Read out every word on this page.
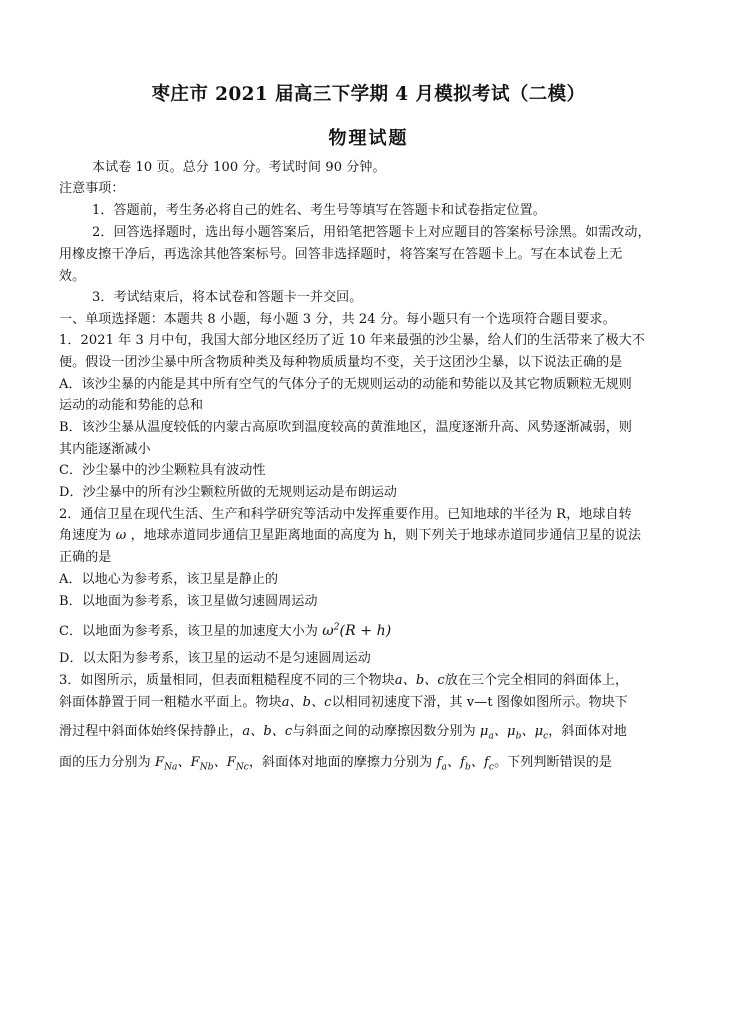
枣庄市 2021 届高三下学期 4 月模拟考试（二模）
物理试题
本试卷 10 页。总分 100 分。考试时间 90 分钟。
注意事项：
1．答题前，考生务必将自己的姓名、考生号等填写在答题卡和试卷指定位置。
2．回答选择题时，选出每小题答案后，用铅笔把答题卡上对应题目的答案标号涂黑。如需改动，
用橡皮擦干净后，再选涂其他答案标号。回答非选择题时，将答案写在答题卡上。写在本试卷上无
效。
3．考试结束后，将本试卷和答题卡一并交回。
一、单项选择题：本题共 8 小题，每小题 3 分，共 24 分。每小题只有一个选项符合题目要求。
1．2021 年 3 月中旬，我国大部分地区经历了近 10 年来最强的沙尘暴，给人们的生活带来了极大不
便。假设一团沙尘暴中所含物质种类及每种物质质量均不变，关于这团沙尘暴，以下说法正确的是
A．该沙尘暴的内能是其中所有空气的气体分子的无规则运动的动能和势能以及其它物质颗粒无规则
运动的动能和势能的总和
B．该沙尘暴从温度较低的内蒙古高原吹到温度较高的黄淮地区，温度逐渐升高、风势逐渐减弱，则
其内能逐渐减小
C．沙尘暴中的沙尘颗粒具有波动性
D．沙尘暴中的所有沙尘颗粒所做的无规则运动是布朗运动
2．通信卫星在现代生活、生产和科学研究等活动中发挥重要作用。已知地球的半径为 R，地球自转
角速度为 ω ，地球赤道同步通信卫星距离地面的高度为 h，则下列关于地球赤道同步通信卫星的说法
正确的是
A．以地心为参考系，该卫星是静止的
B．以地面为参考系，该卫星做匀速圆周运动
C．以地面为参考系，该卫星的加速度大小为 $\omega^2(R + h)$
D．以太阳为参考系，该卫星的运动不是匀速圆周运动
3．如图所示，质量相同，但表面粗糙程度不同的三个物块a、b、c放在三个完全相同的斜面体上，
斜面体静置于同一粗糙水平面上。物块a、b、c以相同初速度下滑，其 v—t 图像如图所示。物块下
滑过程中斜面体始终保持静止，a、b、c与斜面之间的动摩擦因数分别为 $\mu_a$、$\mu_b$、$\mu_c$，斜面体对地
面的压力分别为 $F_{Na}$、$F_{Nb}$、$F_{Nc}$，斜面体对地面的摩擦力分别为 $f_a$、$f_b$、$f_c$。下列判断错误的是
